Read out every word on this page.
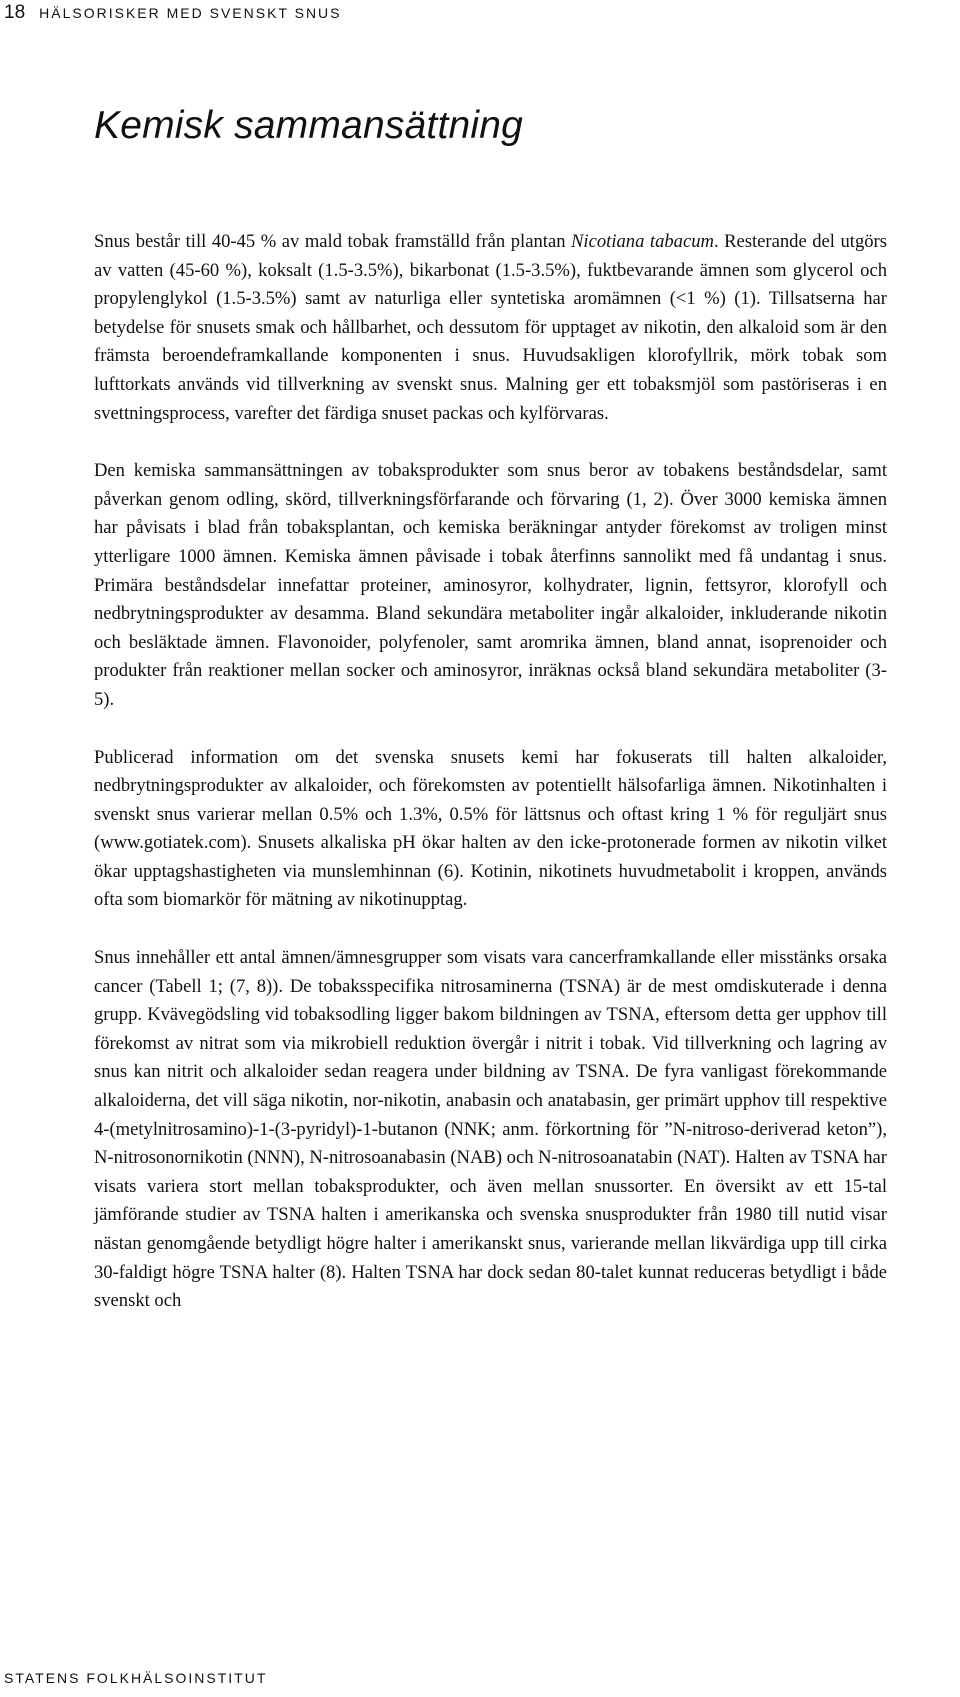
18 HÄLSORISKER MED SVENSKT SNUS
Kemisk sammansättning

Snus består till 40-45 % av mald tobak framställd från plantan Nicotiana tabacum. Resterande del utgörs av vatten (45-60 %), koksalt (1.5-3.5%), bikarbonat (1.5-3.5%), fuktbevarande ämnen som glycerol och propylenglykol (1.5-3.5%) samt av naturliga eller syntetiska aromämnen (<1 %) (1). Tillsatserna har betydelse för snusets smak och hållbarhet, och dessutom för upptaget av nikotin, den alkaloid som är den främsta beroendeframkallande komponenten i snus. Huvudsakligen klorofyllrik, mörk tobak som lufttorkats används vid tillverkning av svenskt snus. Malning ger ett tobaksmjöl som pastöriseras i en svettningsprocess, varefter det färdiga snuset packas och kylförvaras.

Den kemiska sammansättningen av tobaksprodukter som snus beror av tobakens beståndsdelar, samt påverkan genom odling, skörd, tillverkningsförfarande och förvaring (1, 2). Över 3000 kemiska ämnen har påvisats i blad från tobaksplantan, och kemiska beräkningar antyder förekomst av troligen minst ytterligare 1000 ämnen. Kemiska ämnen påvisade i tobak återfinns sannolikt med få undantag i snus. Primära beståndsdelar innefattar proteiner, aminosyror, kolhydrater, lignin, fettsyror, klorofyll och nedbrytningsprodukter av desamma. Bland sekundära metaboliter ingår alkaloider, inkluderande nikotin och besläktade ämnen. Flavonoider, polyfenoler, samt aromrika ämnen, bland annat, isoprenoider och produkter från reaktioner mellan socker och aminosyror, inräknas också bland sekundära metaboliter (3-5).

Publicerad information om det svenska snusets kemi har fokuserats till halten alkaloider, nedbrytningsprodukter av alkaloider, och förekomsten av potentiellt hälsofarliga ämnen. Nikotinhalten i svenskt snus varierar mellan 0.5% och 1.3%, 0.5% för lättsnus och oftast kring 1 % för reguljärt snus (www.gotiatek.com). Snusets alkaliska pH ökar halten av den icke-protonerade formen av nikotin vilket ökar upptagshastigheten via munslemhinnan (6). Kotinin, nikotinets huvudmetabolit i kroppen, används ofta som biomarkör för mätning av nikotinupptag.

Snus innehåller ett antal ämnen/ämnesgrupper som visats vara cancerframkallande eller misstänks orsaka cancer (Tabell 1; (7, 8)). De tobaksspecifika nitrosaminerna (TSNA) är de mest omdiskuterade i denna grupp. Kvävegödsling vid tobaksodling ligger bakom bildningen av TSNA, eftersom detta ger upphov till förekomst av nitrat som via mikrobiell reduktion övergår i nitrit i tobak. Vid tillverkning och lagring av snus kan nitrit och alkaloider sedan reagera under bildning av TSNA. De fyra vanligast förekommande alkaloiderna, det vill säga nikotin, nor-nikotin, anabasin och anatabasin, ger primärt upphov till respektive 4-(metylnitrosamino)-1-(3-pyridyl)-1-butanon (NNK; anm. förkortning för ”N-nitroso-deriverad keton”), N-nitrosonornikotin (NNN), N-nitrosoanabasin (NAB) och N-nitrosoanatabin (NAT). Halten av TSNA har visats variera stort mellan tobaksprodukter, och även mellan snussorter. En översikt av ett 15-tal jämförande studier av TSNA halten i amerikanska och svenska snusprodukter från 1980 till nutid visar nästan genomgående betydligt högre halter i amerikanskt snus, varierande mellan likvärdiga upp till cirka 30-faldigt högre TSNA halter (8). Halten TSNA har dock sedan 80-talet kunnat reduceras betydligt i både svenskt och

STATENS FOLKHÄLSOINSTITUT
